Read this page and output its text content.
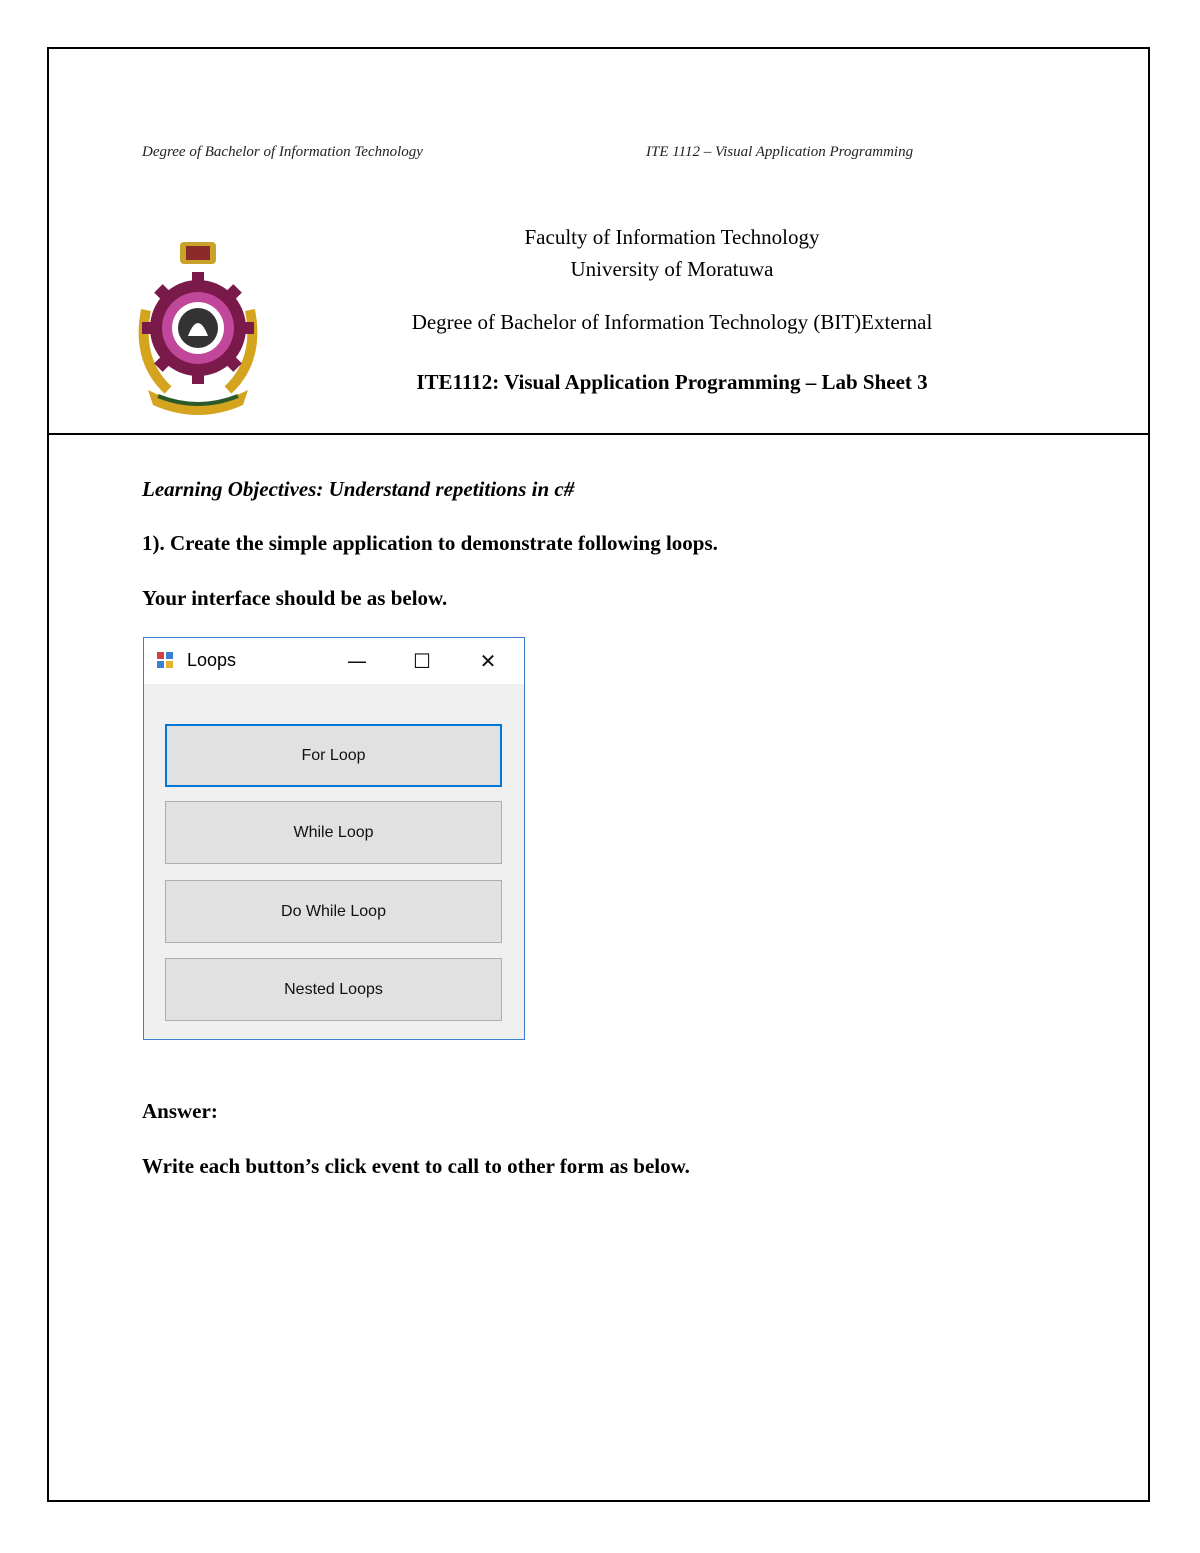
Degree of Bachelor of Information Technology	ITE 1112 – Visual Application Programming
Faculty of Information Technology
University of Moratuwa
Degree of Bachelor of Information Technology (BIT)External
ITE1112: Visual Application Programming – Lab Sheet 3
Learning Objectives: Understand repetitions in c#
1). Create the simple application to demonstrate following loops.
Your interface should be as below.
Loops	—	☐	✕
For Loop
While Loop
Do While Loop
Nested Loops
Answer:
Write each button’s click event to call to other form as below.
